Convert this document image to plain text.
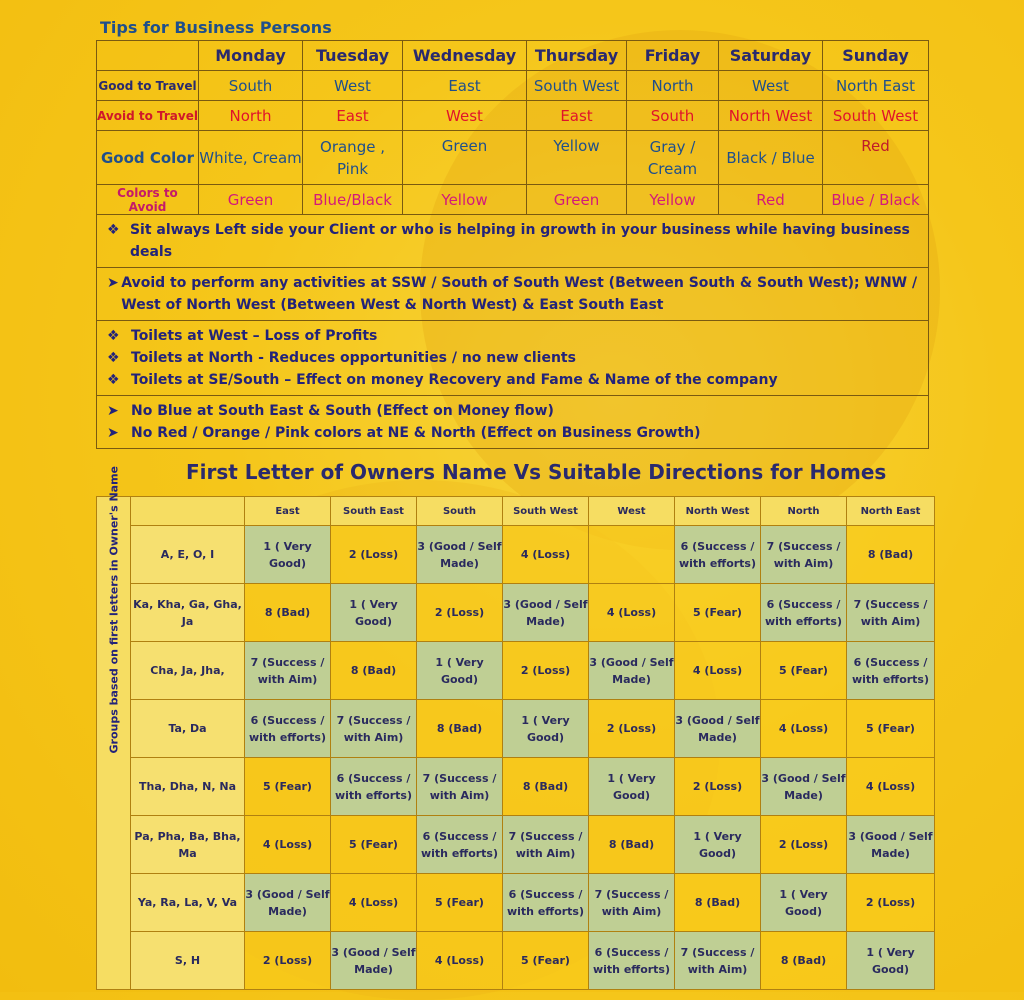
Tips for Business Persons
	Monday	Tuesday	Wednesday	Thursday	Friday	Saturday	Sunday
Good to Travel	South	West	East	South West	North	West	North East
Avoid to Travel	North	East	West	East	South	North West	South West
Good Color	White, Cream	Orange , Pink	Green	Yellow	Gray / Cream	Black / Blue	Red
Colors to Avoid	Green	Blue/Black	Yellow	Green	Yellow	Red	Blue / Black

❖ Sit always Left side your Client or who is helping in growth in your business while having business deals							

➤ Avoid to perform any activities at SSW / South of South West (Between South & South West); WNW / West of North West (Between West & North West) & East South East							

❖ Toilets at West – Loss of Profits
❖ Toilets at North - Reduces opportunities / no new clients
❖ Toilets at SE/South – Effect on money Recovery and Fame & Name of the company							

➤ No Blue at South East & South (Effect on Money flow)
➤ No Red / Orange / Pink colors at NE & North (Effect on Business Growth)							
First Letter of Owners Name Vs Suitable Directions for Homes
Groups based on first letters in Owner's Name		East	South East	South	South West	West	North West	North	North East
	A, E, O, I	1 ( Very Good)	2 (Loss)	3 (Good / Self Made)	4 (Loss)		6 (Success / with efforts)	7 (Success / with Aim)	8 (Bad)
	Ka, Kha, Ga, Gha, Ja	8 (Bad)	1 ( Very Good)	2 (Loss)	3 (Good / Self Made)	4 (Loss)	5 (Fear)	6 (Success / with efforts)	7 (Success / with Aim)
	Cha, Ja, Jha,	7 (Success / with Aim)	8 (Bad)	1 ( Very Good)	2 (Loss)	3 (Good / Self Made)	4 (Loss)	5 (Fear)	6 (Success / with efforts)
	Ta, Da	6 (Success / with efforts)	7 (Success / with Aim)	8 (Bad)	1 ( Very Good)	2 (Loss)	3 (Good / Self Made)	4 (Loss)	5 (Fear)
	Tha, Dha, N, Na	5 (Fear)	6 (Success / with efforts)	7 (Success / with Aim)	8 (Bad)	1 ( Very Good)	2 (Loss)	3 (Good / Self Made)	4 (Loss)
	Pa, Pha, Ba, Bha, Ma	4 (Loss)	5 (Fear)	6 (Success / with efforts)	7 (Success / with Aim)	8 (Bad)	1 ( Very Good)	2 (Loss)	3 (Good / Self Made)
	Ya, Ra, La, V, Va	3 (Good / Self Made)	4 (Loss)	5 (Fear)	6 (Success / with efforts)	7 (Success / with Aim)	8 (Bad)	1 ( Very Good)	2 (Loss)
	S, H	2 (Loss)	3 (Good / Self Made)	4 (Loss)	5 (Fear)	6 (Success / with efforts)	7 (Success / with Aim)	8 (Bad)	1 ( Very Good)
